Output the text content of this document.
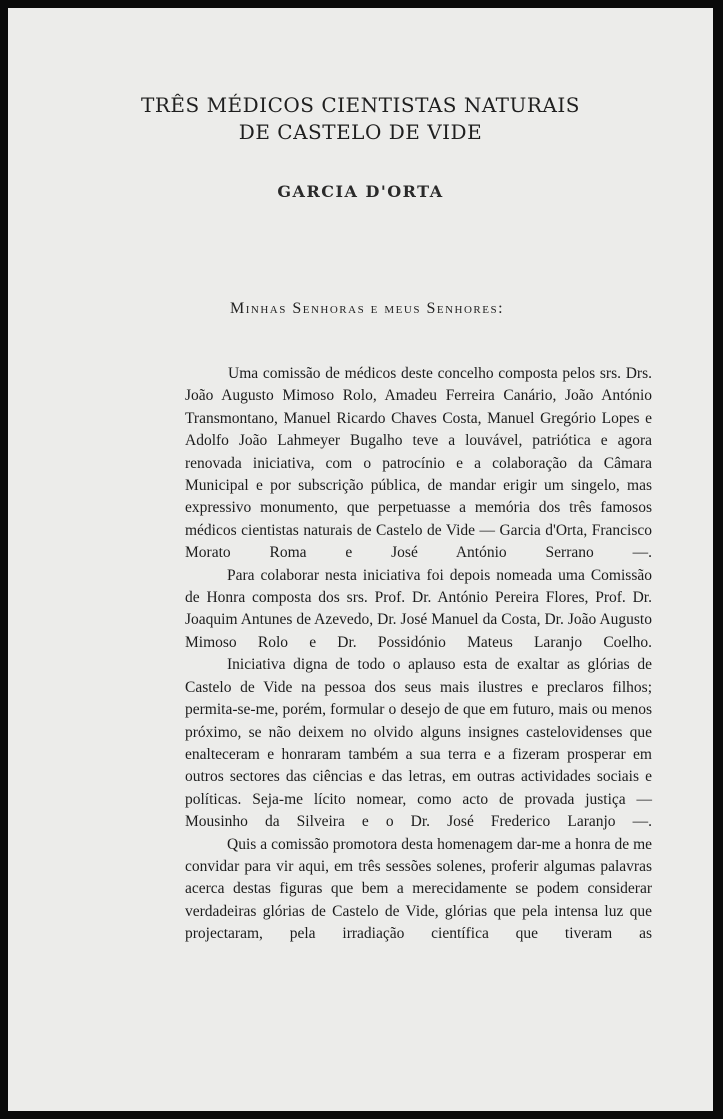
TRÊS MÉDICOS CIENTISTAS NATURAIS
DE CASTELO DE VIDE
GARCIA D'ORTA
Minhas Senhoras e meus Senhores:

Uma comissão de médicos deste concelho composta pelos srs. Drs. João Augusto Mimoso Rolo, Amadeu Ferreira Canário, João António Transmontano, Manuel Ricardo Chaves Costa, Manuel Gregório Lopes e Adolfo João Lahmeyer Bugalho teve a louvável, patriótica e agora renovada iniciativa, com o patrocínio e a colaboração da Câmara Municipal e por subscrição pública, de mandar erigir um singelo, mas expressivo monumento, que perpetuasse a memória dos três famosos médicos cientistas naturais de Castelo de Vide — Garcia d'Orta, Francisco Morato Roma e José António Serrano —.

Para colaborar nesta iniciativa foi depois nomeada uma Comissão de Honra composta dos srs. Prof. Dr. António Pereira Flores, Prof. Dr. Joaquim Antunes de Azevedo, Dr. José Manuel da Costa, Dr. João Augusto Mimoso Rolo e Dr. Possidónio Mateus Laranjo Coelho.

Iniciativa digna de todo o aplauso esta de exaltar as glórias de Castelo de Vide na pessoa dos seus mais ilustres e preclaros filhos; permita-se-me, porém, formular o desejo de que em futuro, mais ou menos próximo, se não deixem no olvido alguns insignes castelovidenses que enalteceram e honraram também a sua terra e a fizeram prosperar em outros sectores das ciências e das letras, em outras actividades sociais e políticas. Seja-me lícito nomear, como acto de provada justiça — Mousinho da Silveira e o Dr. José Frederico Laranjo —.

Quis a comissão promotora desta homenagem dar-me a honra de me convidar para vir aqui, em três sessões solenes, proferir algumas palavras acerca destas figuras que bem a merecidamente se podem considerar verdadeiras glórias de Castelo de Vide, glórias que pela intensa luz que projectaram, pela irradiação científica que tiveram as
